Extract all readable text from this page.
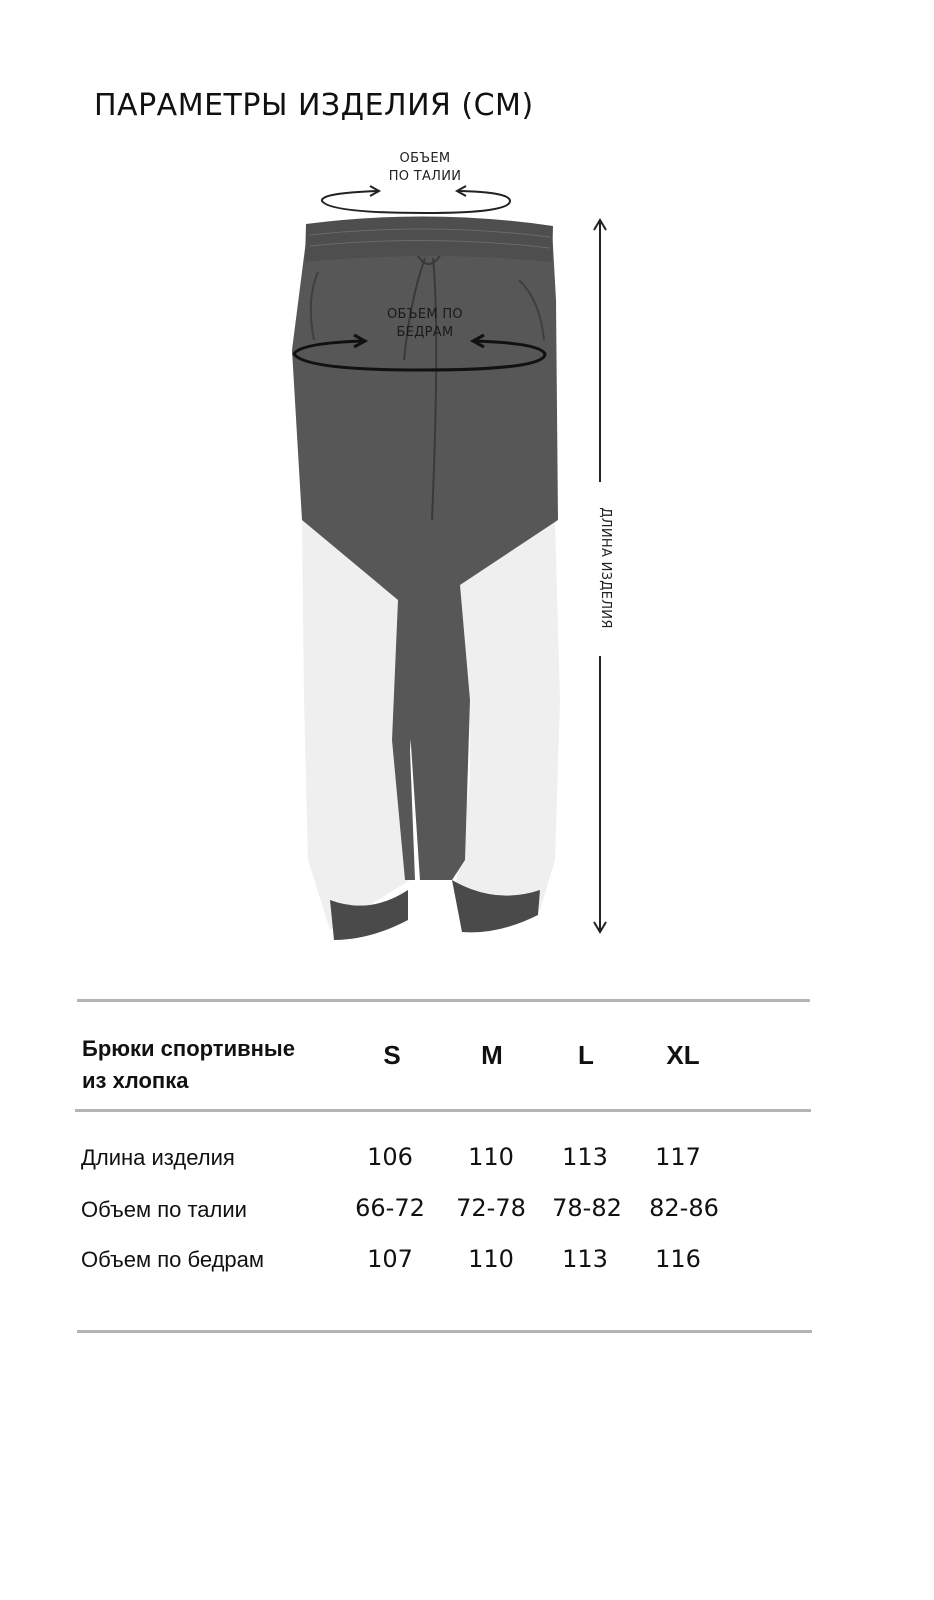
ПАРАМЕТРЫ ИЗДЕЛИЯ (СМ)
ОБЪЕМ
ПО ТАЛИИ
ОБЪЕМ ПО
БЕДРАМ
ДЛИНА ИЗДЕЛИЯ
Брюки спортивные
из хлопка
S	M	L	XL
Длина изделия	106	110	113	117
Объем по талии	66-72	72-78	78-82	82-86
Объем по бедрам	107	110	113	116
